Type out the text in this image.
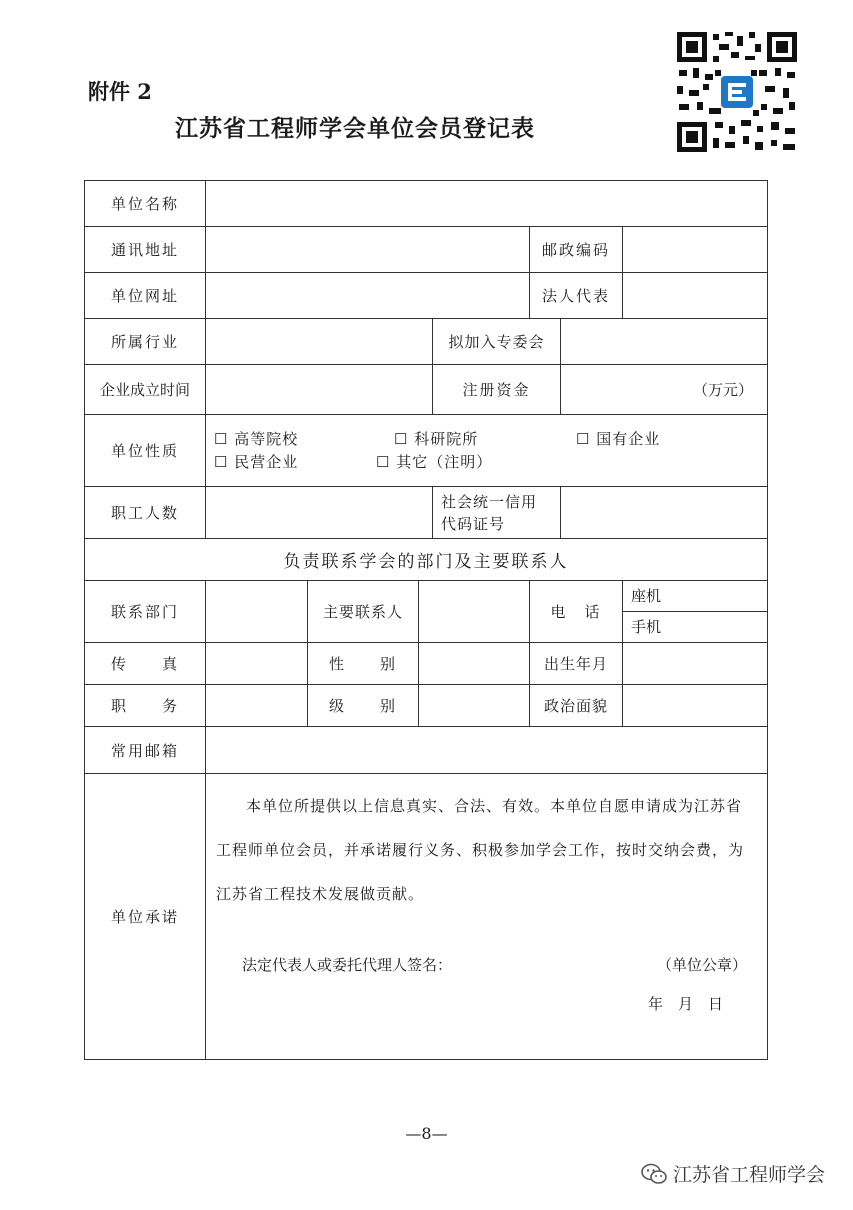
附件 2
江苏省工程师学会单位会员登记表
单位名称							
通讯地址					邮政编码		
单位网址					法人代表		
所属行业				拟加入专委会			
企业成立时间				注册资金		（万元）	
单位性质	☐ 高等院校 ☐ 科研院所 ☐ 国有企业
☐ 民营企业 ☐ 其它（注明）						

职工人数				社会统一信用代码证号			
负责联系学会的部门及主要联系人							
联系部门		主要联系人			电　话		座机
手机

传　　真		性　　别			出生年月		
职　　务		级　　别			政治面貌		
常用邮箱							
单位承诺	本单位所提供以上信息真实、合法、有效。本单位自愿申请成为江苏省工程师单位会员，并承诺履行义务、积极参加学会工作，按时交纳会费，为江苏省工程技术发展做贡献。

法定代表人或委托代理人签名： （单位公章）
年　月　日						
—8—
江苏省工程师学会
